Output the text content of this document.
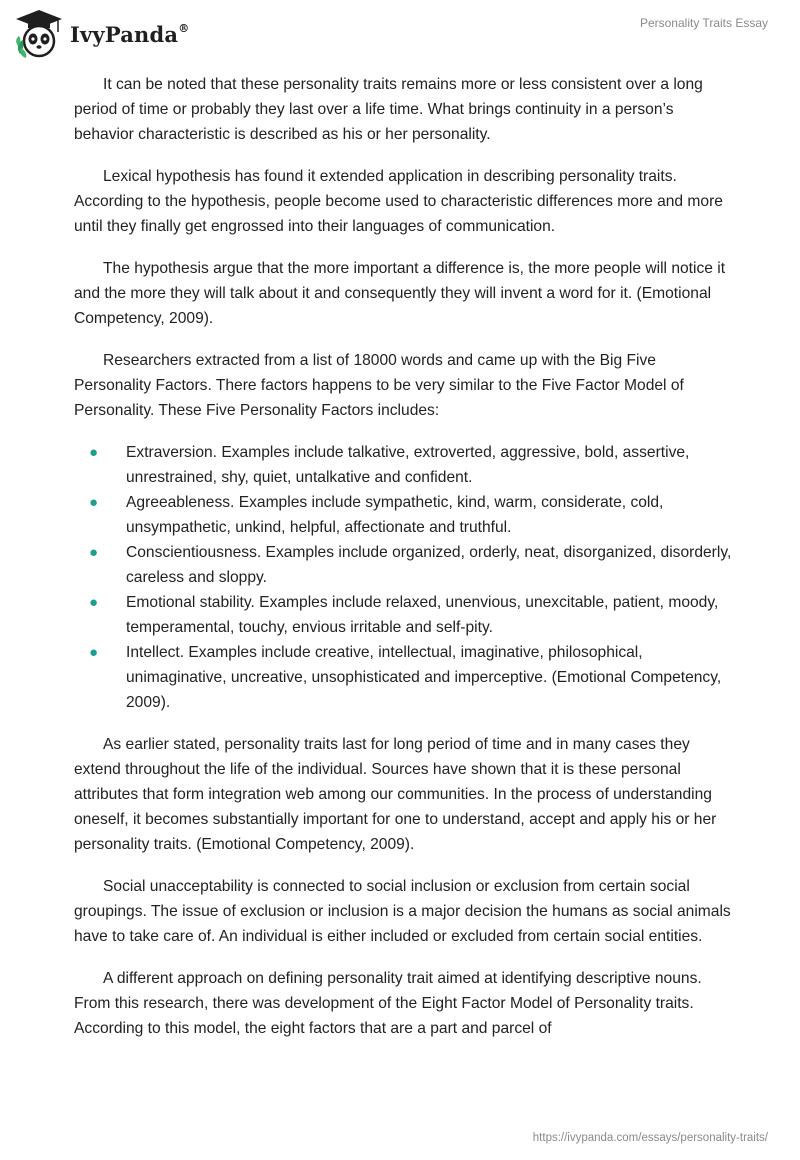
IvyPanda®	Personality Traits Essay

It can be noted that these personality traits remains more or less consistent over a long period of time or probably they last over a life time. What brings continuity in a person’s behavior characteristic is described as his or her personality.

Lexical hypothesis has found it extended application in describing personality traits. According to the hypothesis, people become used to characteristic differences more and more until they finally get engrossed into their languages of communication.

The hypothesis argue that the more important a difference is, the more people will notice it and the more they will talk about it and consequently they will invent a word for it. (Emotional Competency, 2009).

Researchers extracted from a list of 18000 words and came up with the Big Five Personality Factors. There factors happens to be very similar to the Five Factor Model of Personality. These Five Personality Factors includes:

● Extraversion. Examples include talkative, extroverted, aggressive, bold, assertive, unrestrained, shy, quiet, untalkative and confident.
● Agreeableness. Examples include sympathetic, kind, warm, considerate, cold, unsympathetic, unkind, helpful, affectionate and truthful.
● Conscientiousness. Examples include organized, orderly, neat, disorganized, disorderly, careless and sloppy.
● Emotional stability. Examples include relaxed, unenvious, unexcitable, patient, moody, temperamental, touchy, envious irritable and self-pity.
● Intellect. Examples include creative, intellectual, imaginative, philosophical, unimaginative, uncreative, unsophisticated and imperceptive. (Emotional Competency, 2009).

As earlier stated, personality traits last for long period of time and in many cases they extend throughout the life of the individual. Sources have shown that it is these personal attributes that form integration web among our communities. In the process of understanding oneself, it becomes substantially important for one to understand, accept and apply his or her personality traits. (Emotional Competency, 2009).

Social unacceptability is connected to social inclusion or exclusion from certain social groupings. The issue of exclusion or inclusion is a major decision the humans as social animals have to take care of. An individual is either included or excluded from certain social entities.

A different approach on defining personality trait aimed at identifying descriptive nouns. From this research, there was development of the Eight Factor Model of Personality traits. According to this model, the eight factors that are a part and parcel of

https://ivypanda.com/essays/personality-traits/
